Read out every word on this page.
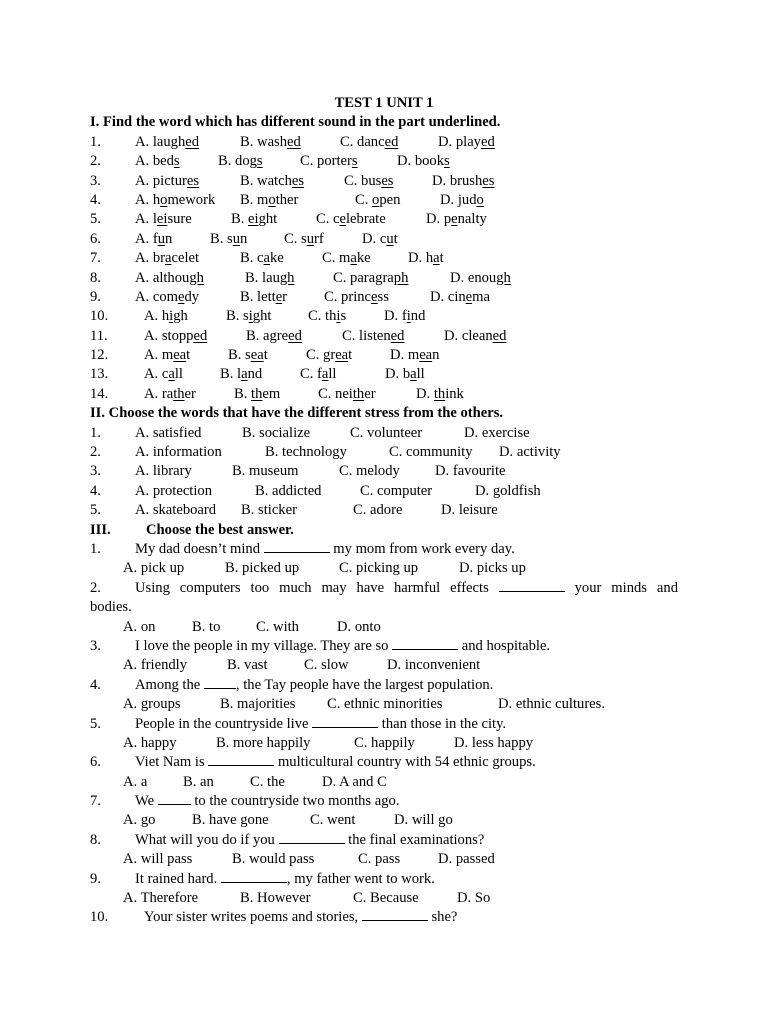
TEST 1 UNIT 1
I. Find the word which has different sound in the part underlined.
1. A. laughed	B. washed	C. danced	D. played
2. A. beds	B. dogs	C. porters	D. books
3. A. pictures	B. watches	C. buses	D. brushes
4. A. homework B. mother	C. open	D. judo
5. A. leisure	B. eight	C. celebrate	D. penalty
6. A. fun	B. sun	C. surf	D. cut
7. A. bracelet	B. cake	C. make	D. hat
8. A. although	B. laugh	C. paragraph	D. enough
9. A. comedy	B. letter	C. princess	D. cinema
10. A. high	B. sight	C. this	D. find
11. A. stopped	B. agreed	C. listened	D. cleaned
12. A. meat	B. seat	C. great	D. mean
13. A. call	B. land	C. fall	D. ball
14. A. rather	B. them	C. neither	D. think
II. Choose the words that have the different stress from the others.
1. A. satisfied	B. socialize	C. volunteer	D. exercise
2. A. information	B. technology	C. community D. activity
3. A. library	B. museum	C. melody D. favourite
4. A. protection	B. addicted	C. computer	D. goldfish
5. A. skateboard B. sticker	C. adore	D. leisure
III. Choose the best answer.
1. My dad doesn’t mind	my mom from work every day.
A. pick up	B. picked up	C. picking up	D. picks up
2. Using computers too much may have harmful effects	your minds and
bodies.
A. on	B. to C. with	D. onto
3. I love the people in my village. They are so	and hospitable.
A. friendly	B. vast C. slow	D. inconvenient
4. Among the , the Tay people have the largest population.
A. groups	B. majorities C. ethnic minorities	D. ethnic cultures.
5. People in the countryside live	than those in the city.
A. happy	B. more happily	C. happily	D. less happy
6. Viet Nam is	multicultural country with 54 ethnic groups.
A. a B. an C. the	D. A and C
7. We  to the countryside two months ago.
A. go	B. have gone	C. went	D. will go
8. What will you do if you	the final examinations?
A. will pass	B. would pass	C. pass	D. passed
9. It rained hard.	, my father went to work.
A. Therefore	B. However	C. Because	D. So
10. Your sister writes poems and stories,	she?
